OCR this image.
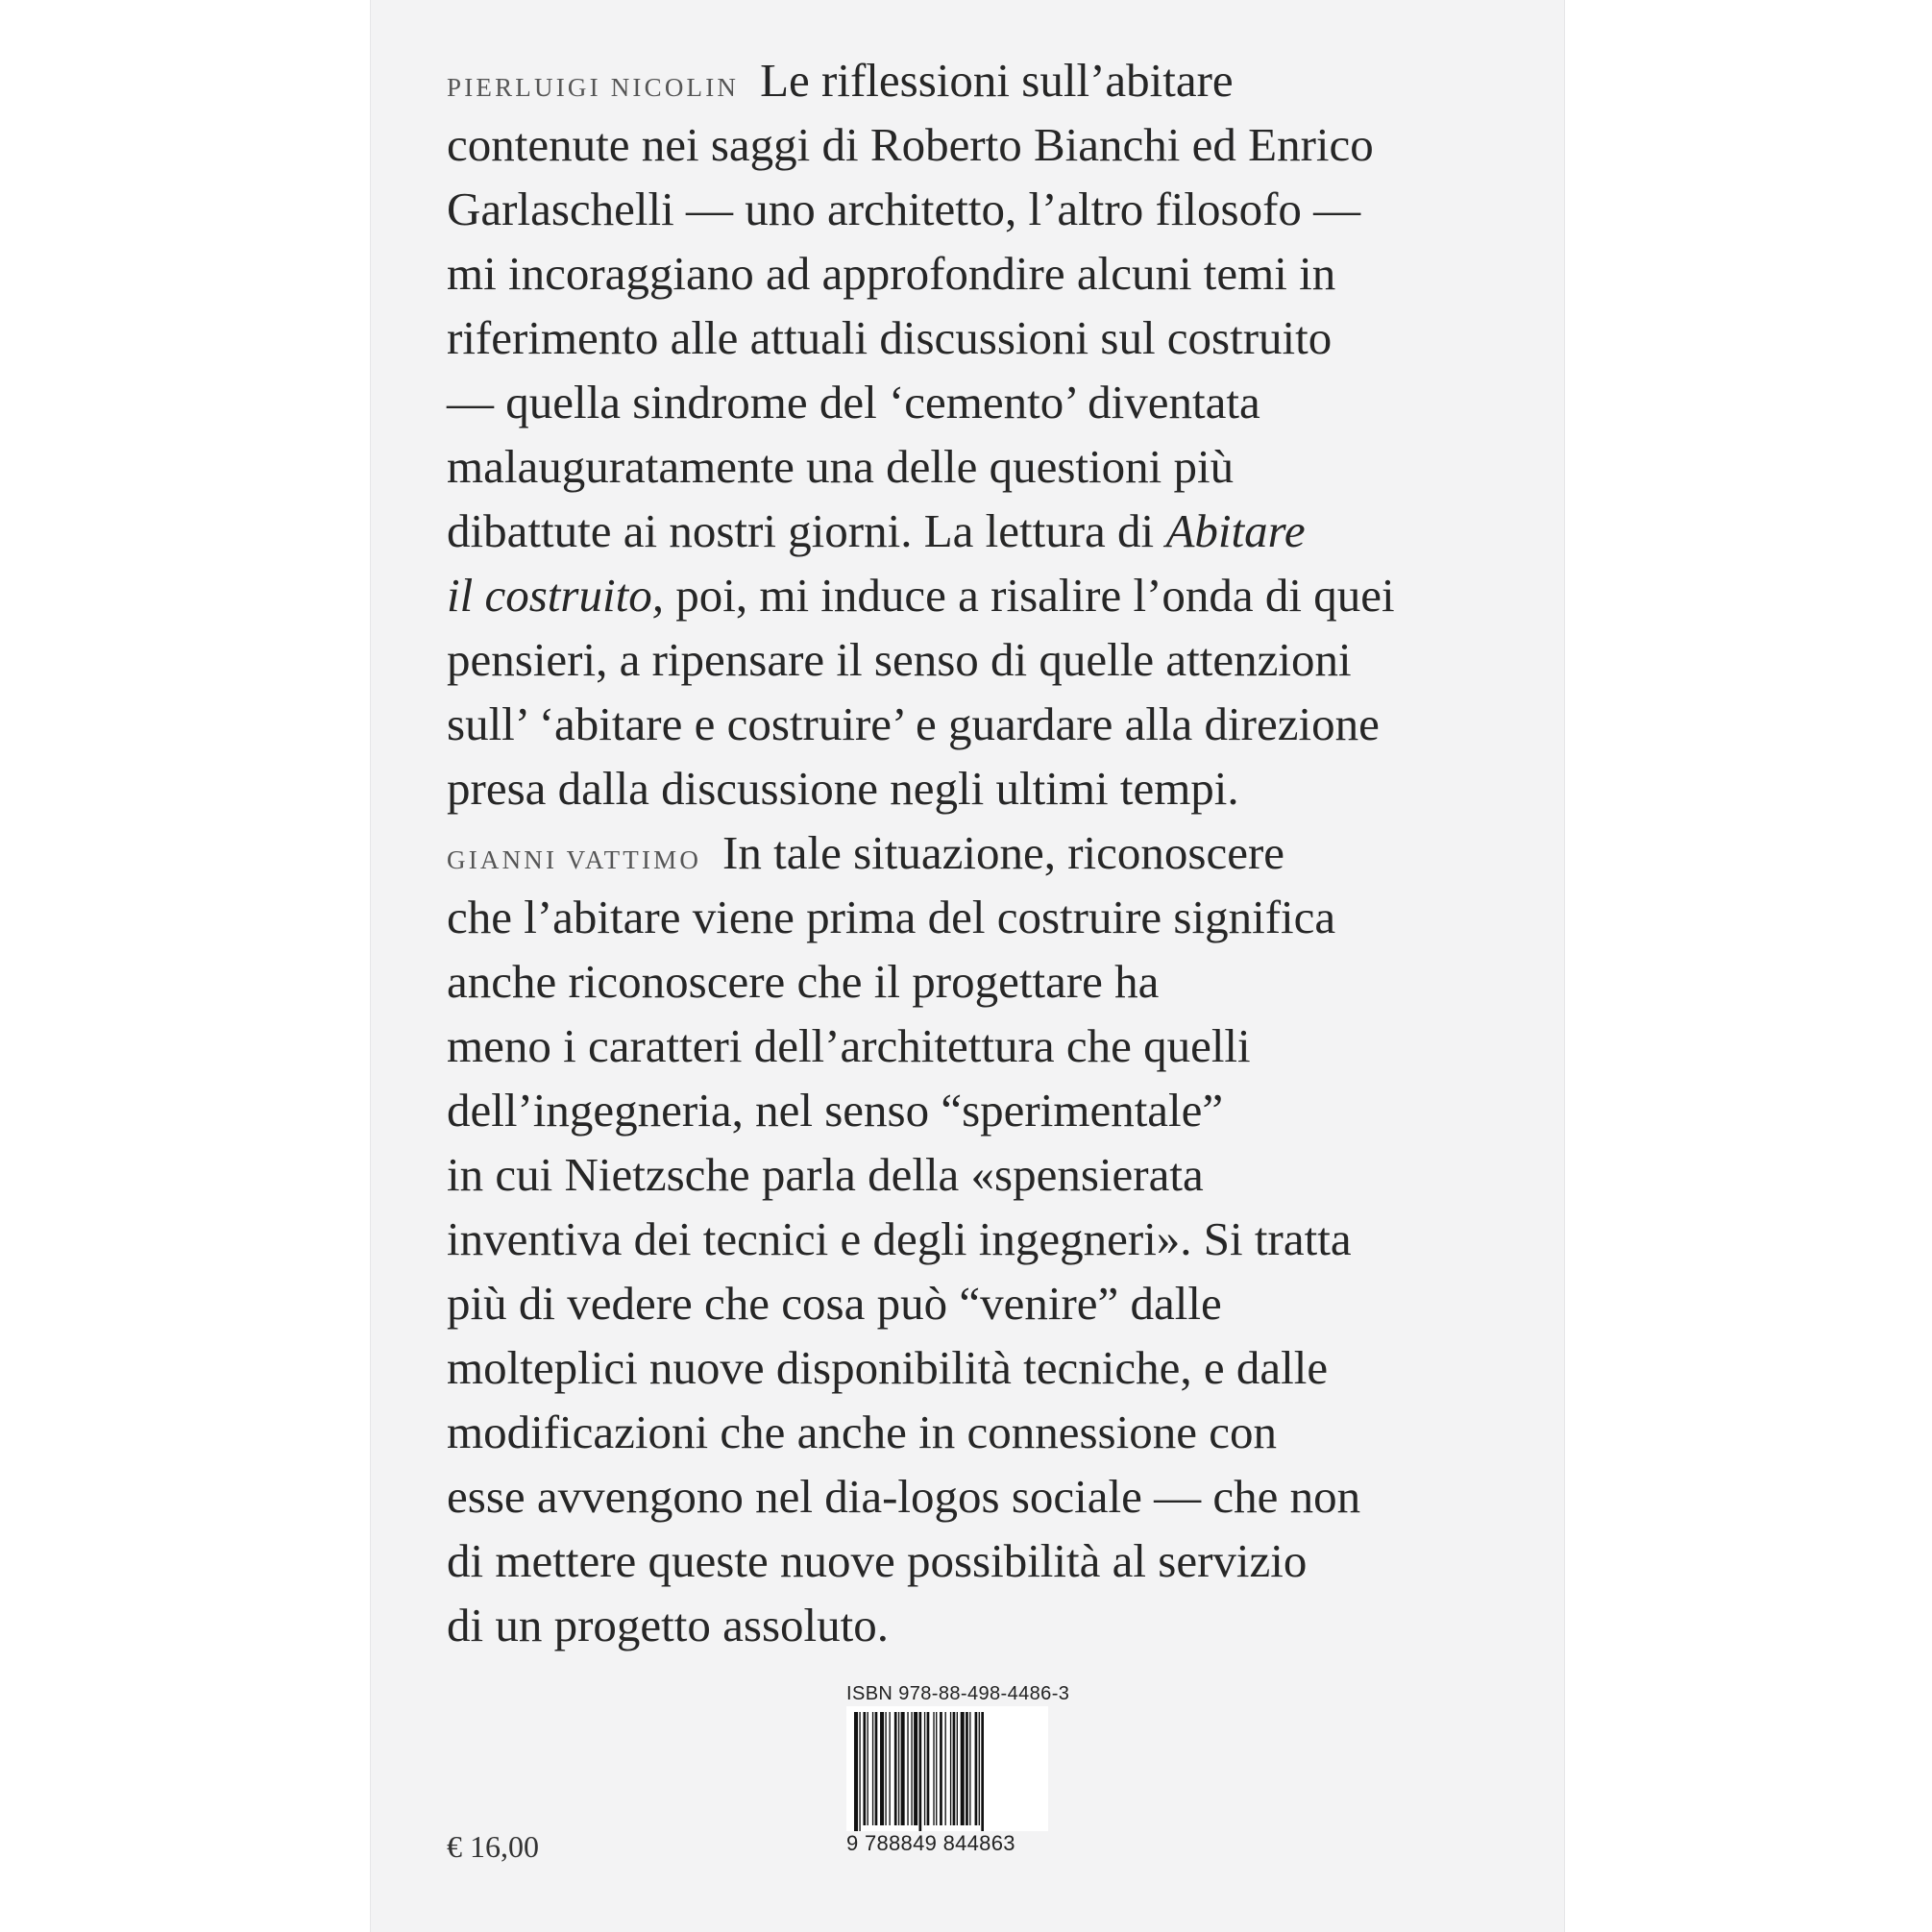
PIERLUIGI NICOLIN Le riflessioni sull’abitare
contenute nei saggi di Roberto Bianchi ed Enrico
Garlaschelli — uno architetto, l’altro filosofo —
mi incoraggiano ad approfondire alcuni temi in
riferimento alle attuali discussioni sul costruito
— quella sindrome del ‘cemento’ diventata
malauguratamente una delle questioni più
dibattute ai nostri giorni. La lettura di Abitare
il costruito, poi, mi induce a risalire l’onda di quei
pensieri, a ripensare il senso di quelle attenzioni
sull’ ‘abitare e costruire’ e guardare alla direzione
presa dalla discussione negli ultimi tempi.
GIANNI VATTIMO In tale situazione, riconoscere
che l’abitare viene prima del costruire significa
anche riconoscere che il progettare ha
meno i caratteri dell’architettura che quelli
dell’ingegneria, nel senso “sperimentale”
in cui Nietzsche parla della «spensierata
inventiva dei tecnici e degli ingegneri». Si tratta
più di vedere che cosa può “venire” dalle
molteplici nuove disponibilità tecniche, e dalle
modificazioni che anche in connessione con
esse avvengono nel dia-logos sociale — che non
di mettere queste nuove possibilità al servizio
di un progetto assoluto.
€ 16,00
ISBN 978-88-498-4486-3
9 788849 844863
